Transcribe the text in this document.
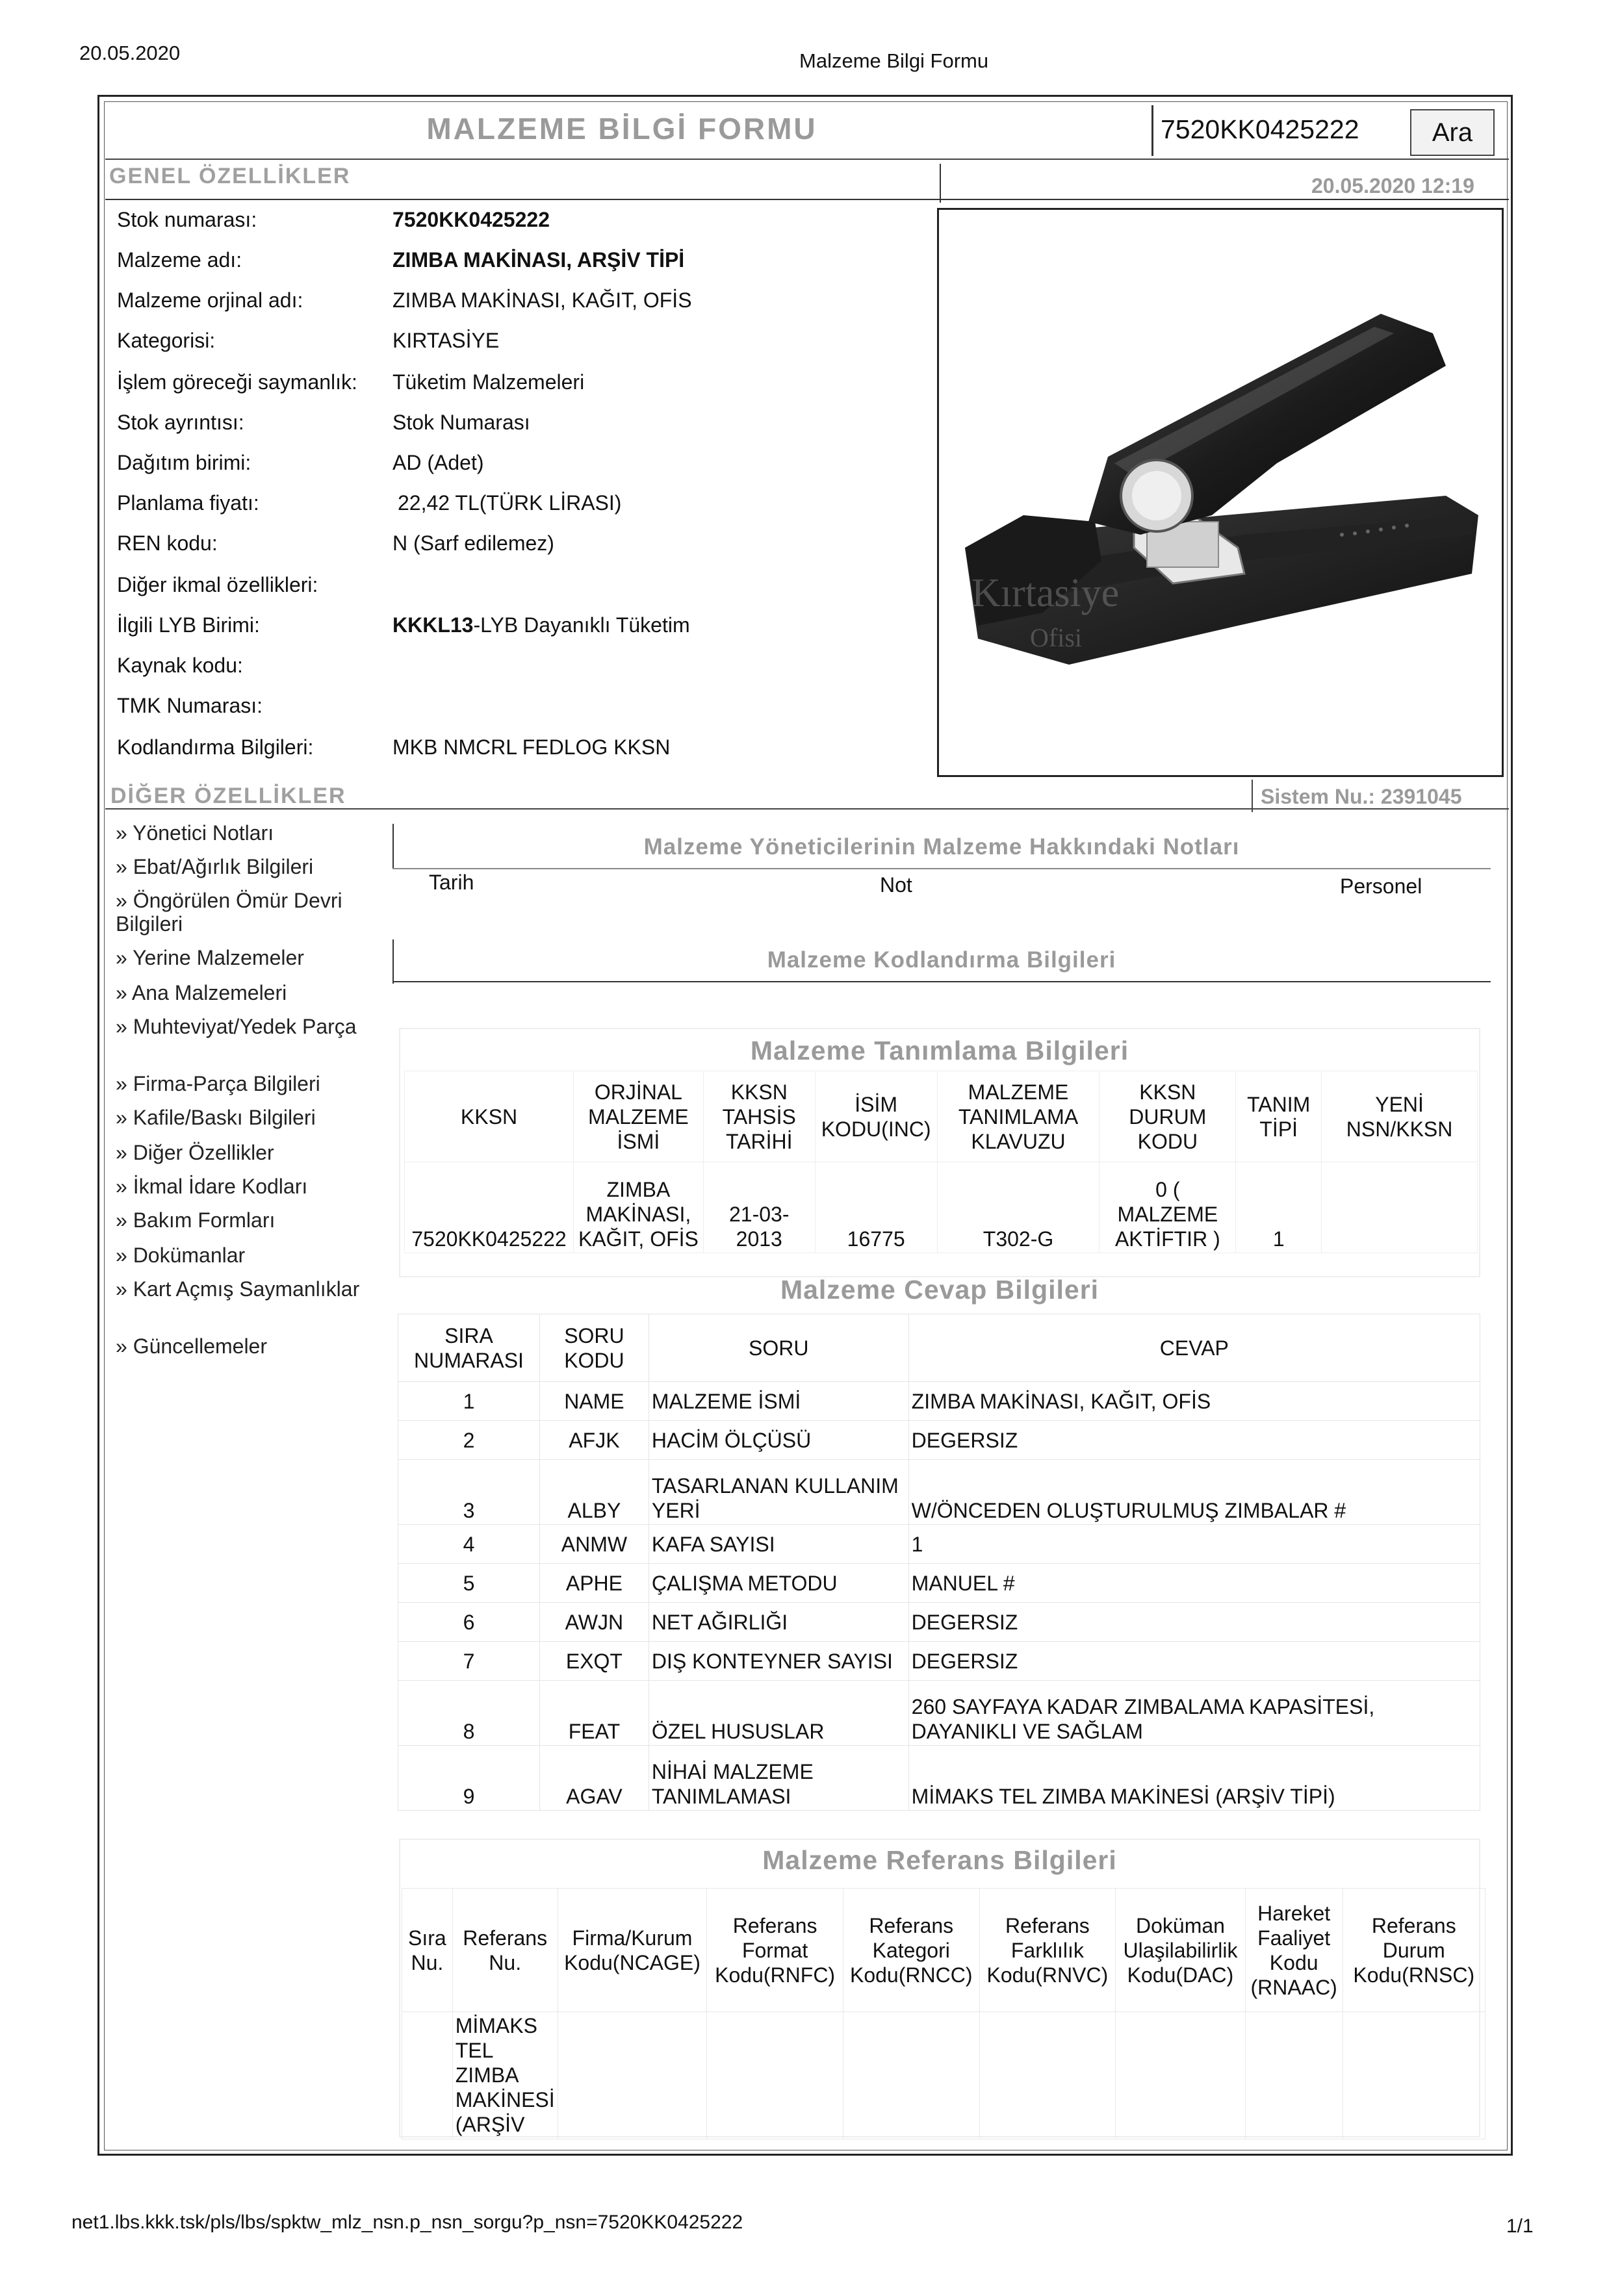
20.05.2020	Malzeme Bilgi Formu
MALZEME BİLGİ FORMU	7520KK0425222	Ara
GENEL ÖZELLİKLER	20.05.2020 12:19
Stok numarası:	7520KK0425222
Malzeme adı:	ZIMBA MAKİNASI, ARŞİV TİPİ
Malzeme orjinal adı:	ZIMBA MAKİNASI, KAĞIT, OFİS
Kategorisi:	KIRTASİYE
İşlem göreceği saymanlık: Tüketim Malzemeleri
Stok ayrıntısı:	Stok Numarası
Dağıtım birimi:	AD (Adet)
Planlama fiyatı:	22,42 TL(TÜRK LİRASI)
REN kodu:	N (Sarf edilemez)
Diğer ikmal özellikleri:
İlgili LYB Birimi:	KKKL13-LYB Dayanıklı Tüketim
Kaynak kodu:
TMK Numarası:
Kodlandırma Bilgileri:	MKB NMCRL FEDLOG KKSN
Kırtasiye
Ofisi
DİĞER ÖZELLİKLER	Sistem Nu.: 2391045
» Yönetici Notları
» Ebat/Ağırlık Bilgileri
» Öngörülen Ömür Devri Bilgileri
» Yerine Malzemeler
» Ana Malzemeleri
» Muhteviyat/Yedek Parça
» Firma-Parça Bilgileri
» Kafile/Baskı Bilgileri
» Diğer Özellikler
» İkmal İdare Kodları
» Bakım Formları
» Dokümanlar
» Kart Açmış Saymanlıklar
» Güncellemeler
Malzeme Yöneticilerinin Malzeme Hakkındaki Notları
Tarih	Not	Personel
Malzeme Kodlandırma Bilgileri
Malzeme Tanımlama Bilgileri
KKSN	ORJİNAL MALZEME İSMİ	KKSN TAHSİS TARİHİ	İSİM KODU(INC)	MALZEME TANIMLAMA KLAVUZU	KKSN DURUM KODU	TANIM TİPİ	YENİ NSN/KKSN
7520KK0425222	ZIMBA MAKİNASI, KAĞIT, OFİS	21-03-2013	16775	T302-G	0 ( MALZEME AKTİFTIR )	1	
Malzeme Cevap Bilgileri
SIRA NUMARASI	SORU KODU	SORU	CEVAP
1	NAME	MALZEME İSMİ	ZIMBA MAKİNASI, KAĞIT, OFİS
2	AFJK	HACİM ÖLÇÜSÜ	DEGERSIZ
3	ALBY	TASARLANAN KULLANIM YERİ	W/ÖNCEDEN OLUŞTURULMUŞ ZIMBALAR #
4	ANMW	KAFA SAYISI	1
5	APHE	ÇALIŞMA METODU	MANUEL #
6	AWJN	NET AĞIRLIĞI	DEGERSIZ
7	EXQT	DIŞ KONTEYNER SAYISI	DEGERSIZ
8	FEAT	ÖZEL HUSUSLAR	260 SAYFAYA KADAR ZIMBALAMA KAPASİTESİ, DAYANIKLI VE SAĞLAM
9	AGAV	NİHAİ MALZEME TANIMLAMASI	MİMAKS TEL ZIMBA MAKİNESİ (ARŞİV TİPİ)
Malzeme Referans Bilgileri
Sıra Nu.	Referans Nu.	Firma/Kurum Kodu(NCAGE)	Referans Format Kodu(RNFC)	Referans Kategori Kodu(RNCC)	Referans Farklılık Kodu(RNVC)	Doküman Ulaşilabilirlik Kodu(DAC)	Hareket Faaliyet Kodu (RNAAC)	Referans Durum Kodu(RNSC)
	MİMAKS TEL ZIMBA MAKİNESİ (ARŞİV							
net1.lbs.kkk.tsk/pls/lbs/spktw_mlz_nsn.p_nsn_sorgu?p_nsn=7520KK0425222	1/1
